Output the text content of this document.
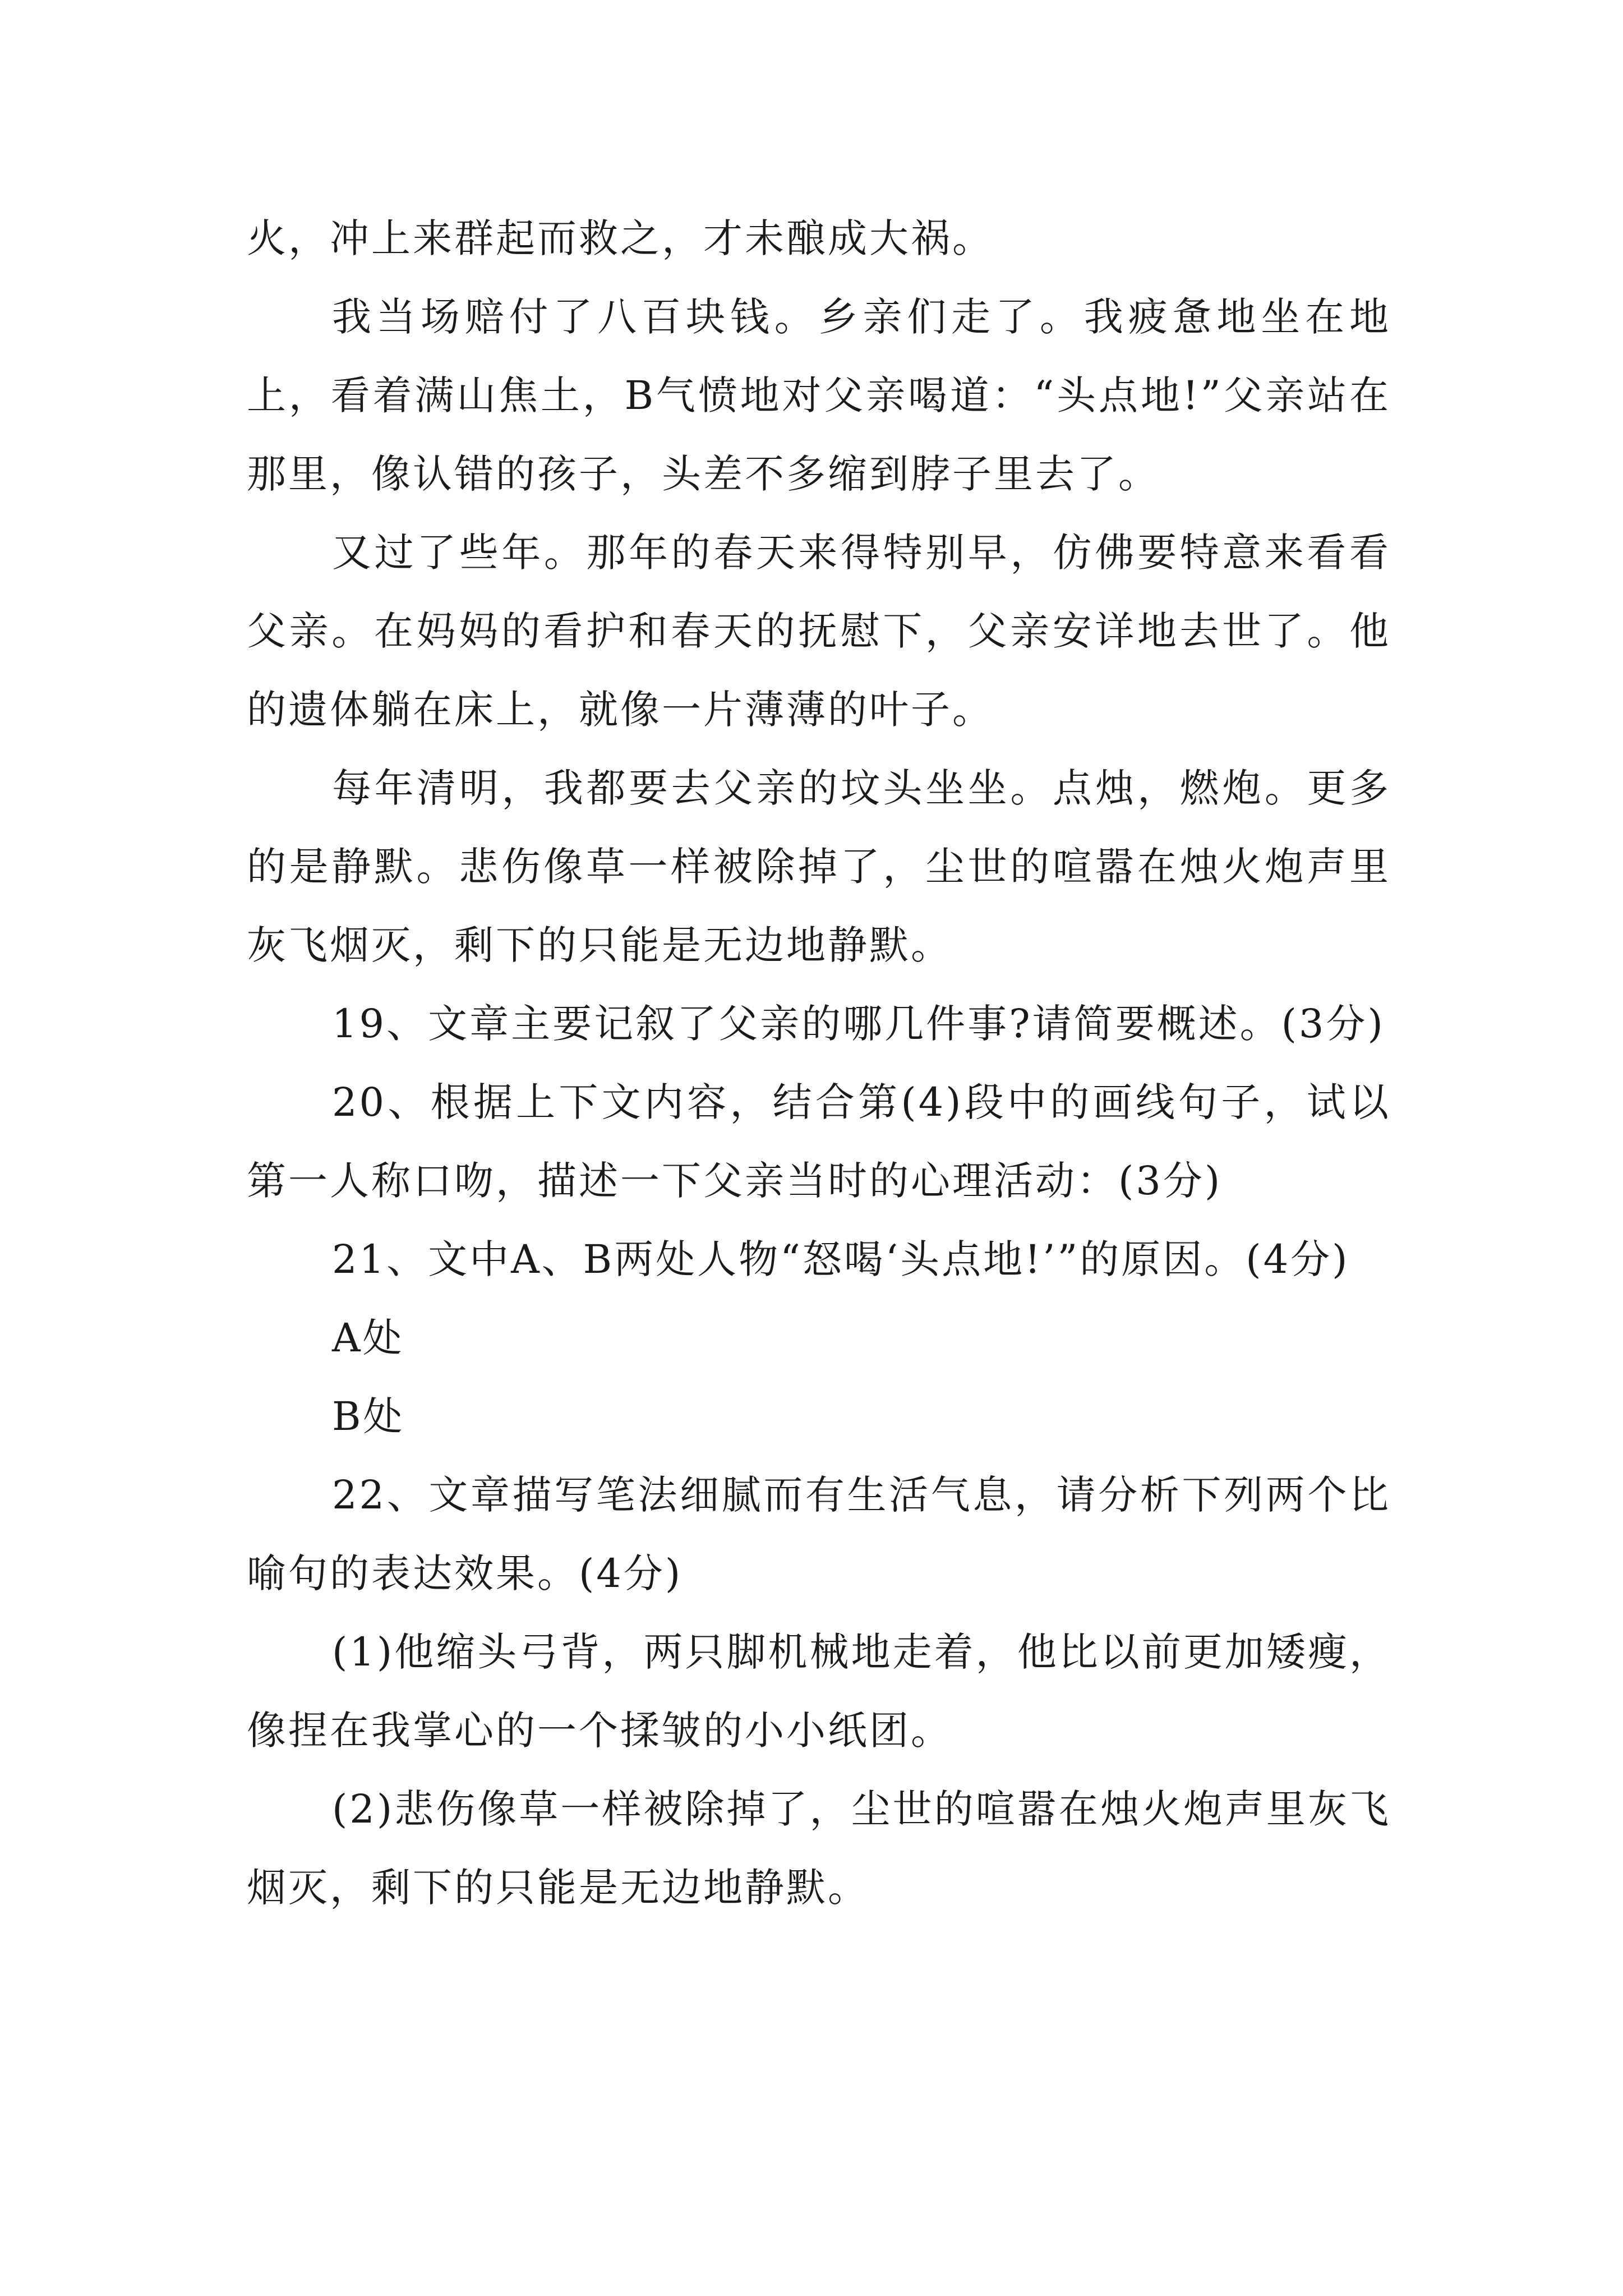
火，冲上来群起而救之，才未酿成大祸。

我当场赔付了八百块钱。乡亲们走了。我疲惫地坐在地上，看着满山焦土，B气愤地对父亲喝道：“头点地!”父亲站在那里，像认错的孩子，头差不多缩到脖子里去了。

又过了些年。那年的春天来得特别早，仿佛要特意来看看父亲。在妈妈的看护和春天的抚慰下，父亲安详地去世了。他的遗体躺在床上，就像一片薄薄的叶子。

每年清明，我都要去父亲的坟头坐坐。点烛，燃炮。更多的是静默。悲伤像草一样被除掉了，尘世的喧嚣在烛火炮声里灰飞烟灭，剩下的只能是无边地静默。

19、文章主要记叙了父亲的哪几件事?请简要概述。(3分)

20、根据上下文内容，结合第(4)段中的画线句子，试以第一人称口吻，描述一下父亲当时的心理活动：(3分)

21、文中A、B两处人物“怒喝‘头点地!’”的原因。(4分)

A处

B处

22、文章描写笔法细腻而有生活气息，请分析下列两个比喻句的表达效果。(4分)

(1)他缩头弓背，两只脚机械地走着，他比以前更加矮瘦，像捏在我掌心的一个揉皱的小小纸团。

(2)悲伤像草一样被除掉了，尘世的喧嚣在烛火炮声里灰飞烟灭，剩下的只能是无边地静默。
